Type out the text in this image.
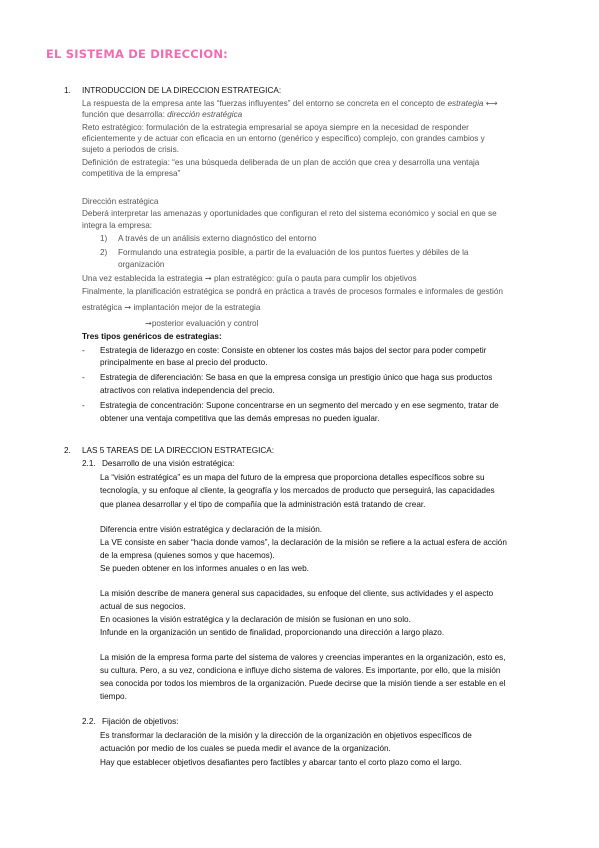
EL SISTEMA DE DIRECCION:
1. INTRODUCCION DE LA DIRECCION ESTRATEGICA:
La respuesta de la empresa ante las “fuerzas influyentes” del entorno se concreta en el concepto de estrategia ⟷
función que desarrolla: dirección estratégica
Reto estratégico: formulación de la estrategia empresarial se apoya siempre en la necesidad de responder
eficientemente y de actuar con eficacia en un entorno (genérico y específico) complejo, con grandes cambios y
sujeto a periodos de crisis.
Definición de estrategia: “es una búsqueda deliberada de un plan de acción que crea y desarrolla una ventaja
competitiva de la empresa”
Dirección estratégica
Deberá interpretar las amenazas y oportunidades que configuran el reto del sistema económico y social en que se
integra la empresa:
1) A través de un análisis externo diagnóstico del entorno
2) Formulando una estrategia posible, a partir de la evaluación de los puntos fuertes y débiles de la
organización
Una vez establecida la estrategia ➞ plan estratégico: guía o pauta para cumplir los objetivos
Finalmente, la planificación estratégica se pondrá en práctica a través de procesos formales e informales de gestión
estratégica ➞ implantación mejor de la estrategia
➞posterior evaluación y control
Tres tipos genéricos de estrategias:
- Estrategia de liderazgo en coste: Consiste en obtener los costes más bajos del sector para poder competir
principalmente en base al precio del producto.
- Estrategia de diferenciación: Se basa en que la empresa consiga un prestigio único que haga sus productos
atractivos con relativa independencia del precio.
- Estrategia de concentración: Supone concentrarse en un segmento del mercado y en ese segmento, tratar de
obtener una ventaja competitiva que las demás empresas no pueden igualar.
2. LAS 5 TAREAS DE LA DIRECCION ESTRATEGICA:
2.1. Desarrollo de una visión estratégica:
La “visión estratégica” es un mapa del futuro de la empresa que proporciona detalles específicos sobre su
tecnología, y su enfoque al cliente, la geografía y los mercados de producto que perseguirá, las capacidades
que planea desarrollar y el tipo de compañía que la administración está tratando de crear.
Diferencia entre visión estratégica y declaración de la misión.
La VE consiste en saber “hacia donde vamos”, la declaración de la misión se refiere a la actual esfera de acción
de la empresa (quienes somos y que hacemos).
Se pueden obtener en los informes anuales o en las web.
La misión describe de manera general sus capacidades, su enfoque del cliente, sus actividades y el aspecto
actual de sus negocios.
En ocasiones la visión estratégica y la declaración de misión se fusionan en uno solo.
Infunde en la organización un sentido de finalidad, proporcionando una dirección a largo plazo.
La misión de la empresa forma parte del sistema de valores y creencias imperantes en la organización, esto es,
su cultura. Pero, a su vez, condiciona e influye dicho sistema de valores. Es importante, por ello, que la misión
sea conocida por todos los miembros de la organización. Puede decirse que la misión tiende a ser estable en el
tiempo.
2.2. Fijación de objetivos:
Es transformar la declaración de la misión y la dirección de la organización en objetivos específicos de
actuación por medio de los cuales se pueda medir el avance de la organización.
Hay que establecer objetivos desafiantes pero factibles y abarcar tanto el corto plazo como el largo.
